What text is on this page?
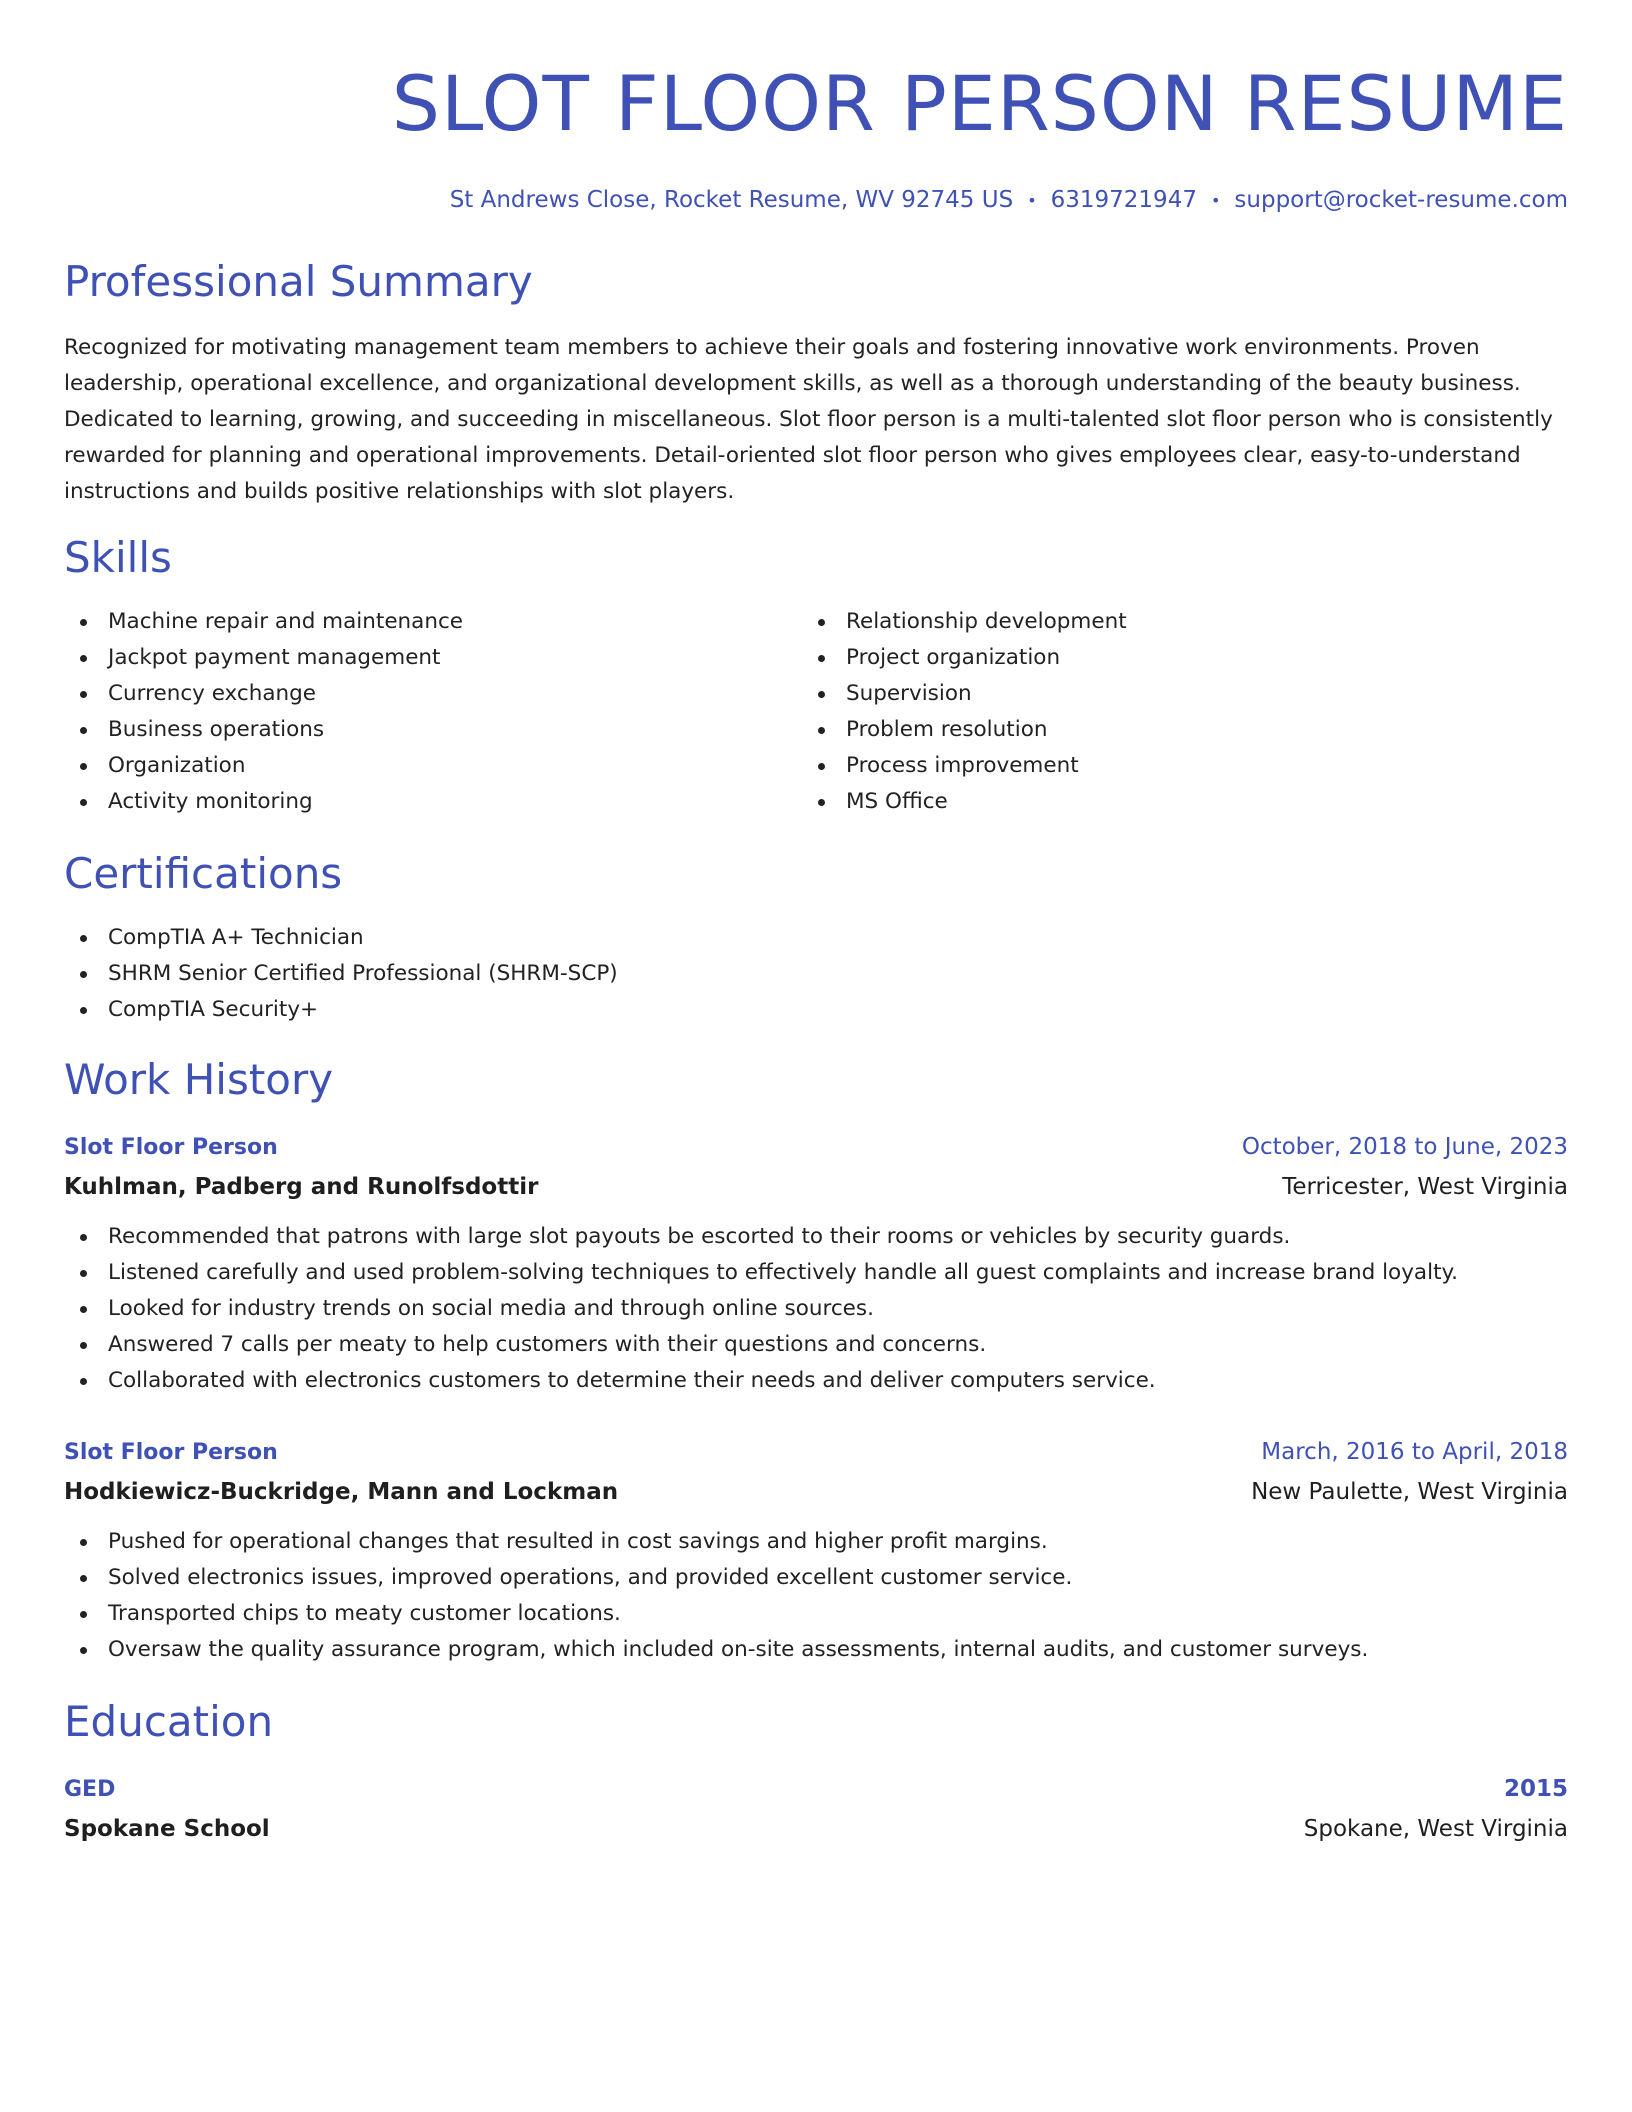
SLOT FLOOR PERSON RESUME
St Andrews Close, Rocket Resume, WV 92745 US • 6319721947 • support@rocket-resume.com
Professional Summary

Recognized for motivating management team members to achieve their goals and fostering innovative work environments. Proven leadership, operational excellence, and organizational development skills, as well as a thorough understanding of the beauty business. Dedicated to learning, growing, and succeeding in miscellaneous. Slot floor person is a multi-talented slot floor person who is consistently rewarded for planning and operational improvements. Detail-oriented slot floor person who gives employees clear, easy-to-understand instructions and builds positive relationships with slot players.

Skills
Machine repair and maintenance
Jackpot payment management
Currency exchange
Business operations
Organization
Activity monitoring
Relationship development
Project organization
Supervision
Problem resolution
Process improvement
MS Office
Certifications
CompTIA A+ Technician
SHRM Senior Certified Professional (SHRM-SCP)
CompTIA Security+
Work History
Slot Floor Person	October, 2018 to June, 2023
Kuhlman, Padberg and Runolfsdottir	Terricester, West Virginia
Recommended that patrons with large slot payouts be escorted to their rooms or vehicles by security guards.
Listened carefully and used problem-solving techniques to effectively handle all guest complaints and increase brand loyalty.
Looked for industry trends on social media and through online sources.
Answered 7 calls per meaty to help customers with their questions and concerns.
Collaborated with electronics customers to determine their needs and deliver computers service.
Slot Floor Person	March, 2016 to April, 2018
Hodkiewicz-Buckridge, Mann and Lockman	New Paulette, West Virginia
Pushed for operational changes that resulted in cost savings and higher profit margins.
Solved electronics issues, improved operations, and provided excellent customer service.
Transported chips to meaty customer locations.
Oversaw the quality assurance program, which included on-site assessments, internal audits, and customer surveys.
Education
GED	2015
Spokane School	Spokane, West Virginia
